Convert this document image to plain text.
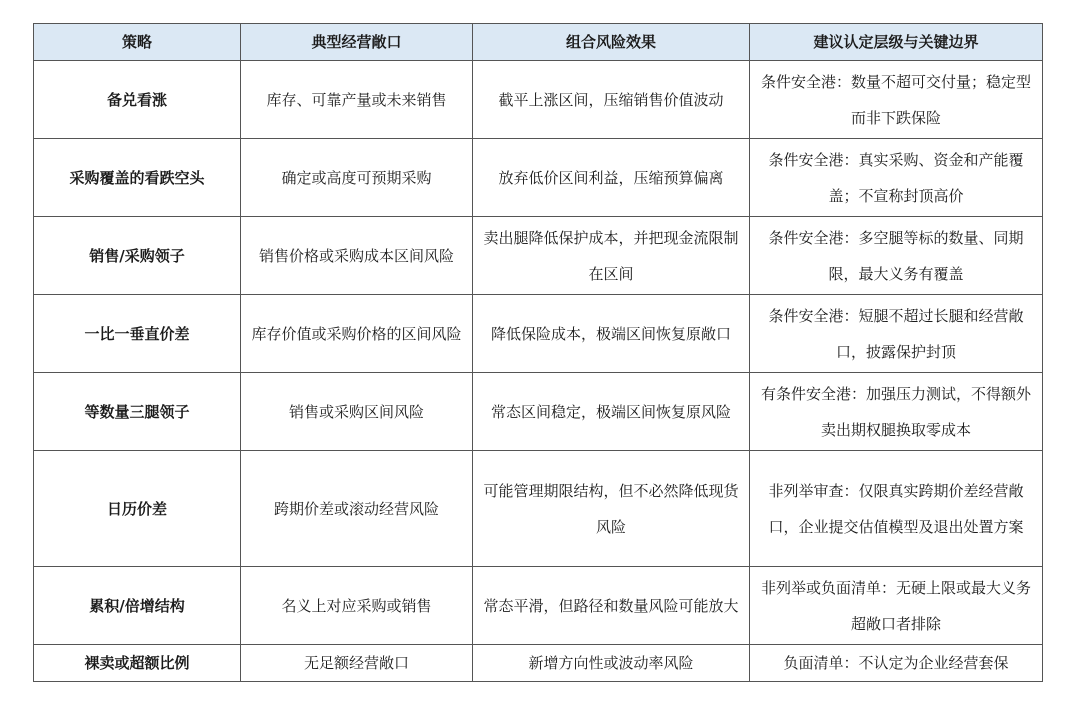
策略	典型经营敞口	组合风险效果	建议认定层级与关键边界
备兑看涨	库存、可靠产量或未来销售	截平上涨区间，压缩销售价值波动	条件安全港：数量不超可交付量；稳定型而非下跌保险
采购覆盖的看跌空头	确定或高度可预期采购	放弃低价区间利益，压缩预算偏离	条件安全港：真实采购、资金和产能覆盖；不宣称封顶高价
销售/采购领子	销售价格或采购成本区间风险	卖出腿降低保护成本，并把现金流限制在区间	条件安全港：多空腿等标的数量、同期限，最大义务有覆盖
一比一垂直价差	库存价值或采购价格的区间风险	降低保险成本，极端区间恢复原敞口	条件安全港：短腿不超过长腿和经营敞口，披露保护封顶
等数量三腿领子	销售或采购区间风险	常态区间稳定，极端区间恢复原风险	有条件安全港：加强压力测试，不得额外卖出期权腿换取零成本
日历价差	跨期价差或滚动经营风险	可能管理期限结构，但不必然降低现货风险	非列举审查：仅限真实跨期价差经营敞口，企业提交估值模型及退出处置方案
累积/倍增结构	名义上对应采购或销售	常态平滑，但路径和数量风险可能放大	非列举或负面清单：无硬上限或最大义务超敞口者排除
裸卖或超额比例	无足额经营敞口	新增方向性或波动率风险	负面清单：不认定为企业经营套保
